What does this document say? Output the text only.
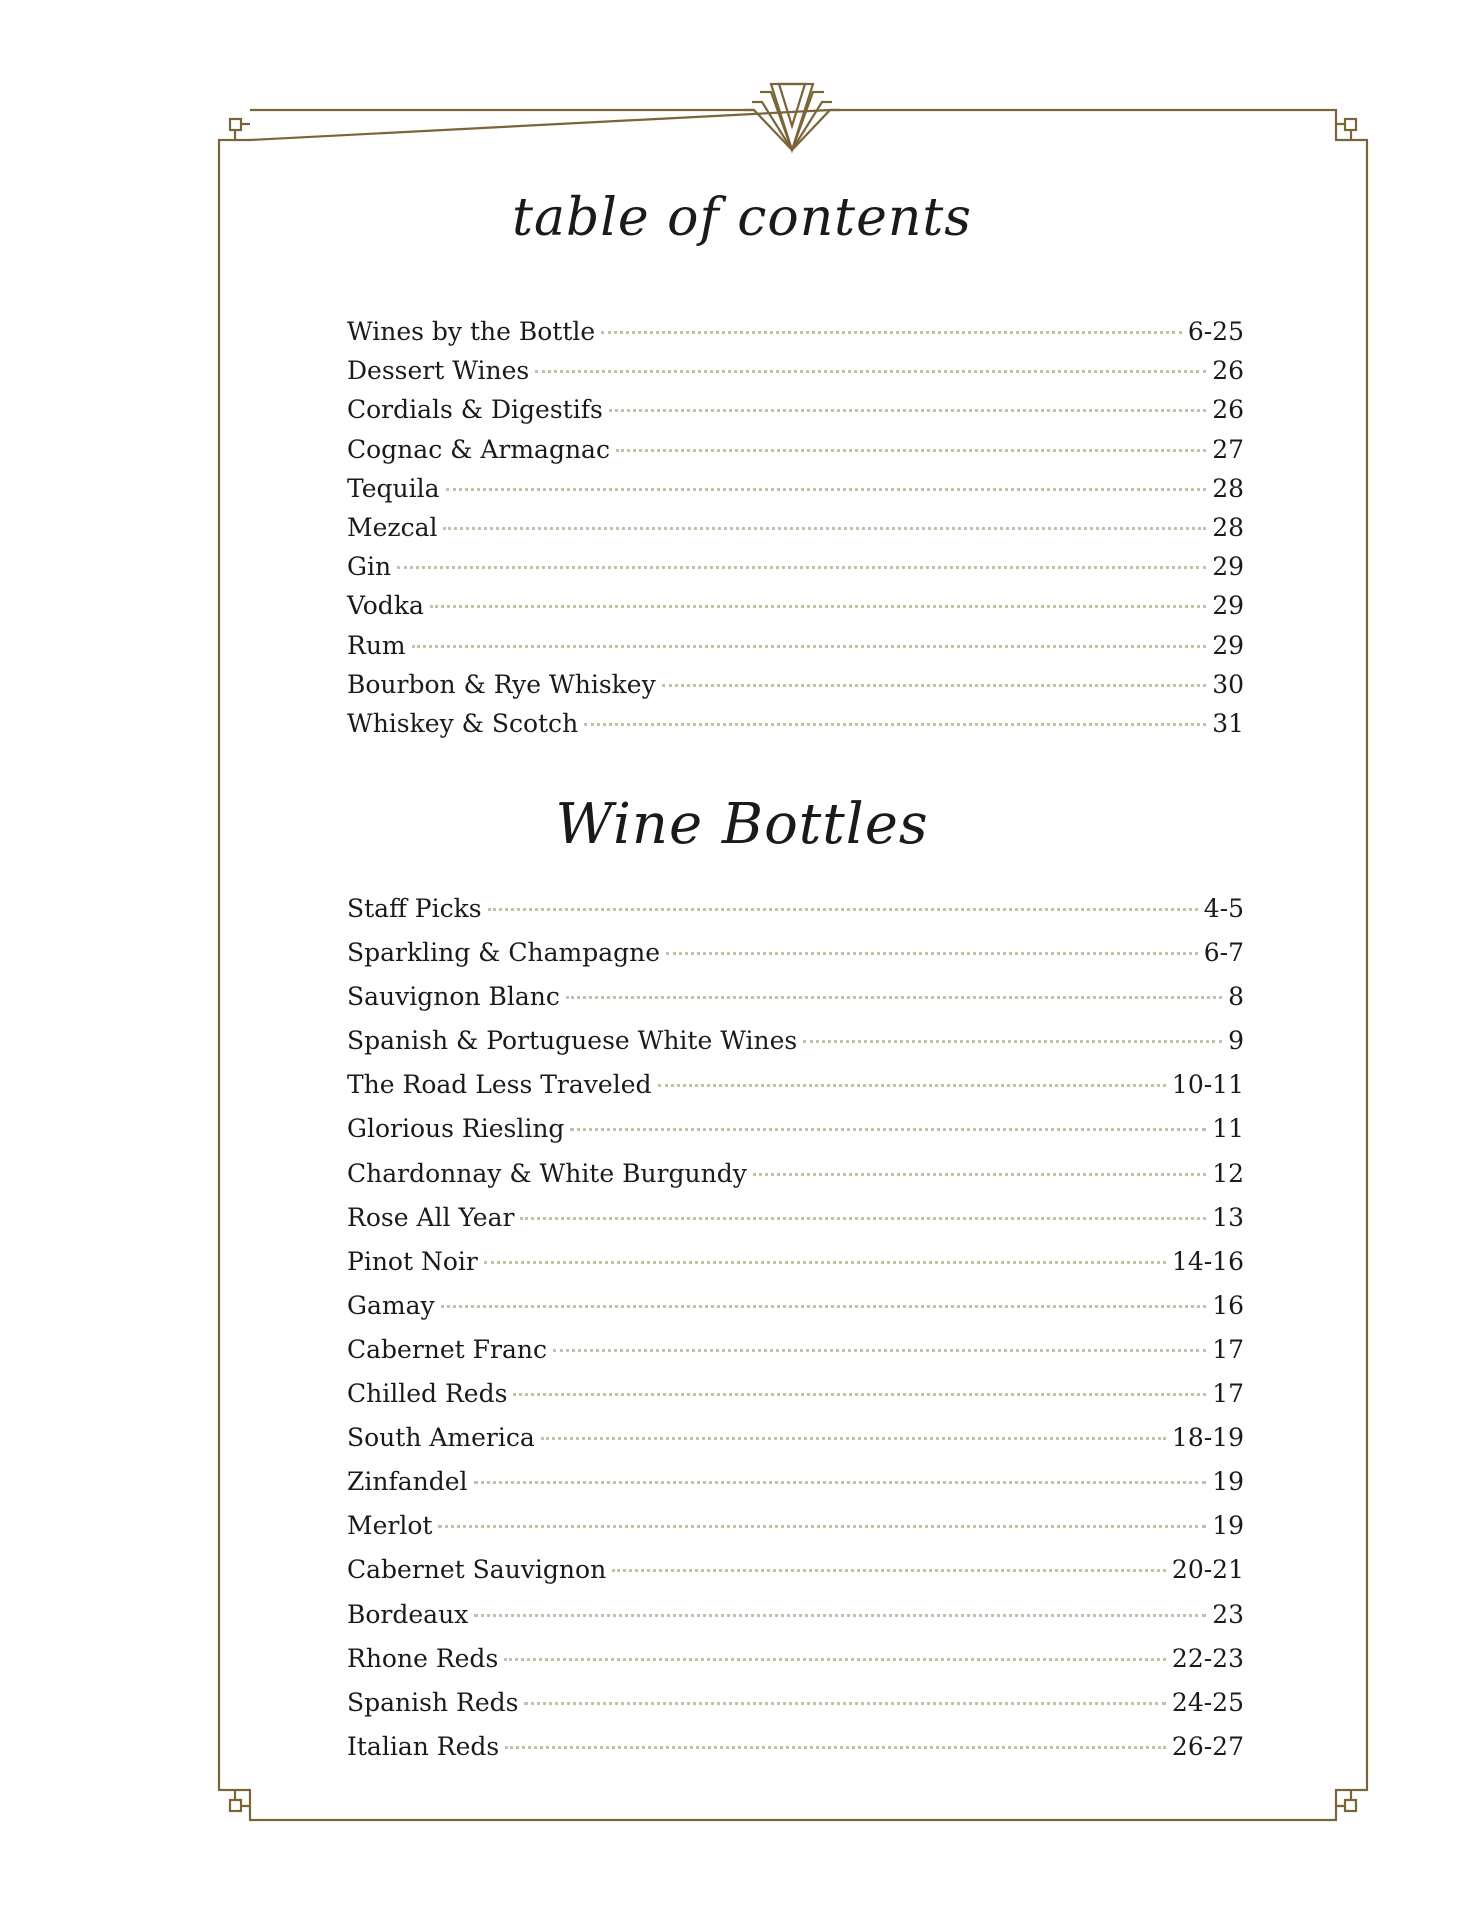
table of contents
Wines by the Bottle	6-25
Dessert Wines	26
Cordials & Digestifs	26
Cognac & Armagnac	27
Tequila	28
Mezcal	28
Gin	29
Vodka	29
Rum	29
Bourbon & Rye Whiskey	30
Whiskey & Scotch	31
Wine Bottles
Staff Picks	4-5
Sparkling & Champagne	6-7
Sauvignon Blanc	8
Spanish & Portuguese White Wines	9
The Road Less Traveled	10-11
Glorious Riesling	11
Chardonnay & White Burgundy	12
Rose All Year	13
Pinot Noir	14-16
Gamay	16
Cabernet Franc	17
Chilled Reds	17
South America	18-19
Zinfandel	19
Merlot	19
Cabernet Sauvignon	20-21
Bordeaux	23
Rhone Reds	22-23
Spanish Reds	24-25
Italian Reds	26-27
